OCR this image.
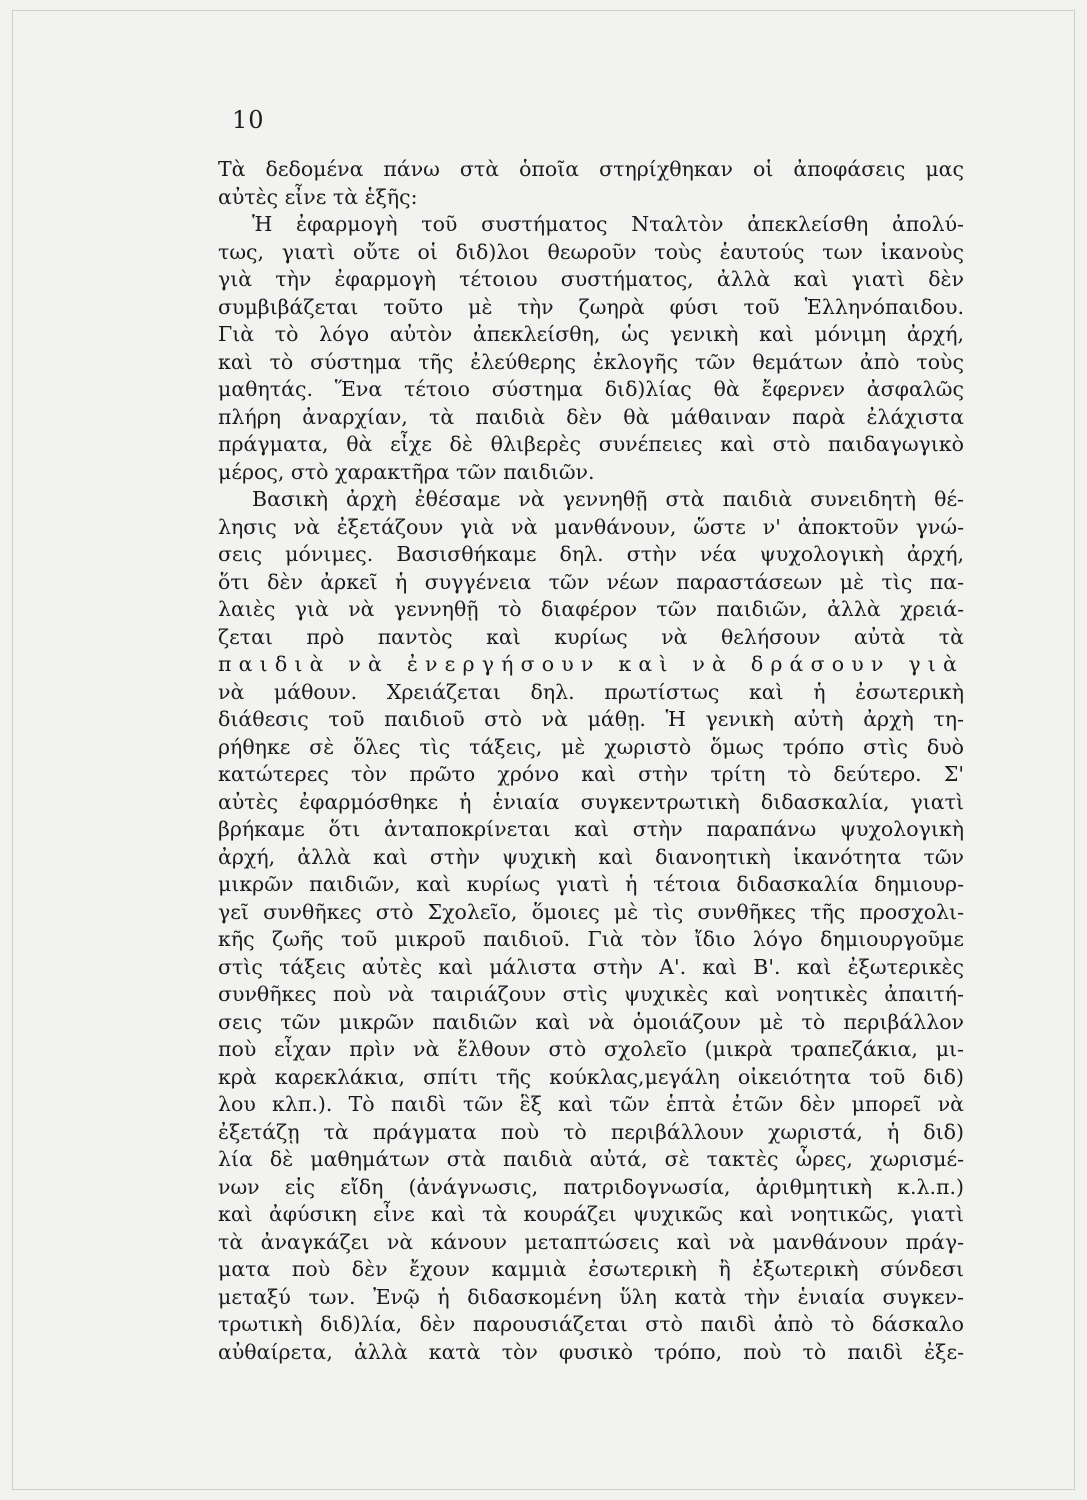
10
Τὰ δεδομένα πάνω στὰ ὁποῖα στηρίχθηκαν οἱ ἀποφάσεις μας
αὐτὲς εἶνε τὰ ἑξῆς:
Ἡ ἐφαρμογὴ τοῦ συστήματος Νταλτὸν ἀπεκλείσθη ἀπολύ-
τως, γιατὶ οὔτε οἱ διδ)λοι θεωροῦν τοὺς ἑαυτούς των ἱκανοὺς
γιὰ τὴν ἐφαρμογὴ τέτοιου συστήματος, ἀλλὰ καὶ γιατὶ δὲν
συμβιβάζεται τοῦτο μὲ τὴν ζωηρὰ φύσι τοῦ Ἑλληνόπαιδου.
Γιὰ τὸ λόγο αὐτὸν ἀπεκλείσθη, ὡς γενικὴ καὶ μόνιμη ἀρχή,
καὶ τὸ σύστημα τῆς ἐλεύθερης ἐκλογῆς τῶν θεμάτων ἀπὸ τοὺς
μαθητάς. Ἕνα τέτοιο σύστημα διδ)λίας θὰ ἔφερνεν ἀσφαλῶς
πλήρη ἀναρχίαν, τὰ παιδιὰ δὲν θὰ μάθαιναν παρὰ ἐλάχιστα
πράγματα, θὰ εἶχε δὲ θλιβερὲς συνέπειες καὶ στὸ παιδαγωγικὸ
μέρος, στὸ χαρακτῆρα τῶν παιδιῶν.
Βασικὴ ἀρχὴ ἐθέσαμε νὰ γεννηθῇ στὰ παιδιὰ συνειδητὴ θέ-
λησις νὰ ἐξετάζουν γιὰ νὰ μανθάνουν, ὥστε ν' ἀποκτοῦν γνώ-
σεις μόνιμες. Βασισθήκαμε δηλ. στὴν νέα ψυχολογικὴ ἀρχή,
ὅτι δὲν ἀρκεῖ ἡ συγγένεια τῶν νέων παραστάσεων μὲ τὶς πα-
λαιὲς γιὰ νὰ γεννηθῇ τὸ διαφέρον τῶν παιδιῶν, ἀλλὰ χρειά-
ζεται πρὸ παντὸς καὶ κυρίως νὰ θελήσουν αὐτὰ τὰ
παιδιὰ νὰ ἐνεργήσουν καὶ νὰ δράσουν γιὰ
νὰ μάθουν. Χρειάζεται δηλ. πρωτίστως καὶ ἡ ἐσωτερικὴ
διάθεσις τοῦ παιδιοῦ στὸ νὰ μάθῃ. Ἡ γενικὴ αὐτὴ ἀρχὴ τη-
ρήθηκε σὲ ὅλες τὶς τάξεις, μὲ χωριστὸ ὅμως τρόπο στὶς δυὸ
κατώτερες τὸν πρῶτο χρόνο καὶ στὴν τρίτη τὸ δεύτερο. Σ'
αὐτὲς ἐφαρμόσθηκε ἡ ἑνιαία συγκεντρωτικὴ διδασκαλία, γιατὶ
βρήκαμε ὅτι ἀνταποκρίνεται καὶ στὴν παραπάνω ψυχολογικὴ
ἀρχή, ἀλλὰ καὶ στὴν ψυχικὴ καὶ διανοητικὴ ἱκανότητα τῶν
μικρῶν παιδιῶν, καὶ κυρίως γιατὶ ἡ τέτοια διδασκαλία δημιουρ-
γεῖ συνθῆκες στὸ Σχολεῖο, ὅμοιες μὲ τὶς συνθῆκες τῆς προσχολι-
κῆς ζωῆς τοῦ μικροῦ παιδιοῦ. Γιὰ τὸν ἴδιο λόγο δημιουργοῦμε
στὶς τάξεις αὐτὲς καὶ μάλιστα στὴν Α'. καὶ Β'. καὶ ἐξωτερικὲς
συνθῆκες ποὺ νὰ ταιριάζουν στὶς ψυχικὲς καὶ νοητικὲς ἀπαιτή-
σεις τῶν μικρῶν παιδιῶν καὶ νὰ ὁμοιάζουν μὲ τὸ περιβάλλον
ποὺ εἶχαν πρὶν νὰ ἔλθουν στὸ σχολεῖο (μικρὰ τραπεζάκια, μι-
κρὰ καρεκλάκια, σπίτι τῆς κούκλας,μεγάλη οἰκειότητα τοῦ διδ)
λου κλπ.). Τὸ παιδὶ τῶν ἓξ καὶ τῶν ἑπτὰ ἐτῶν δὲν μπορεῖ νὰ
ἐξετάζῃ τὰ πράγματα ποὺ τὸ περιβάλλουν χωριστά, ἡ διδ)
λία δὲ μαθημάτων στὰ παιδιὰ αὐτά, σὲ τακτὲς ὧρες, χωρισμέ-
νων εἰς εἴδη (ἀνάγνωσις, πατριδογνωσία, ἀριθμητικὴ κ.λ.π.)
καὶ ἀφύσικη εἶνε καὶ τὰ κουράζει ψυχικῶς καὶ νοητικῶς, γιατὶ
τὰ ἀναγκάζει νὰ κάνουν μεταπτώσεις καὶ νὰ μανθάνουν πράγ-
ματα ποὺ δὲν ἔχουν καμμιὰ ἐσωτερικὴ ἢ ἐξωτερικὴ σύνδεσι
μεταξύ των. Ἐνῷ ἡ διδασκομένη ὕλη κατὰ τὴν ἑνιαία συγκεν-
τρωτικὴ διδ)λία, δὲν παρουσιάζεται στὸ παιδὶ ἀπὸ τὸ δάσκαλο
αὐθαίρετα, ἀλλὰ κατὰ τὸν φυσικὸ τρόπο, ποὺ τὸ παιδὶ ἐξε-
